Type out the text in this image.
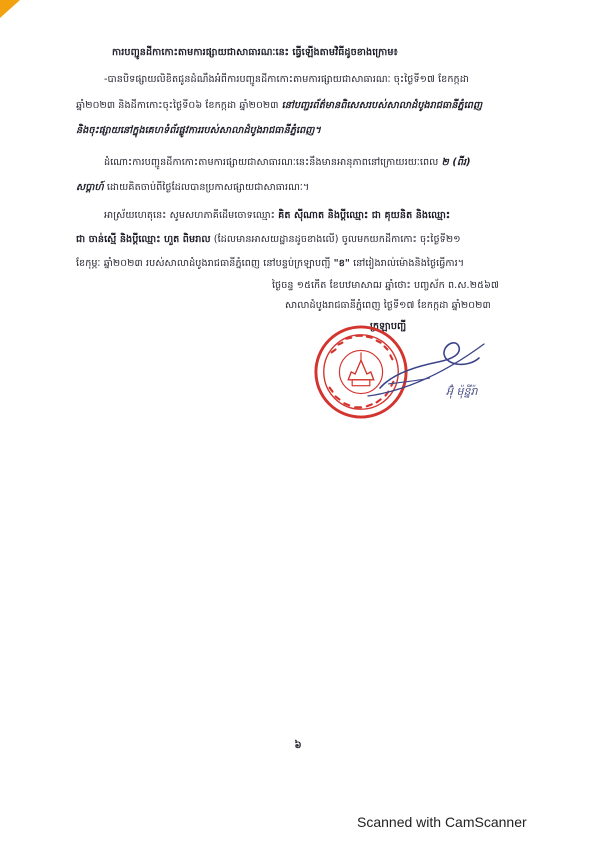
ការបញ្ជូនដីកាកោះតាមការផ្សាយជាសាធារណៈនេះ ធ្វើឡើងតាមវិធីដូចខាងក្រោម៖
-បានបិទផ្សាយលិខិតជូនដំណឹងអំពីការបញ្ជូនដីកាកោះតាមការផ្សាយជាសាធារណៈ ចុះថ្ងៃទី១៧ ខែកក្កដា
ឆ្នាំ២០២៣ និងដីកាកោះចុះថ្ងៃទី០៦ ខែកក្កដា ឆ្នាំ២០២៣ នៅបញ្ជរព័ត៌មានពិសេសរបស់សាលាដំបូងរាជធានីភ្នំពេញ
និងចុះផ្សាយនៅក្នុងគេហទំព័រផ្លូវការរបស់សាលាដំបូងរាជធានីភ្នំពេញ។
ដំណោះការបញ្ជូនដីកាកោះតាមការផ្សាយជាសាធារណៈនេះនឹងមានអានុភាពនៅក្រោយរយៈពេល ២ (ពីរ)
សប្តាហ៍ ដោយគិតចាប់ពីថ្ងៃដែលបានប្រកាសផ្សាយជាសាធារណៈ។
អាស្រ័យហេតុនេះ សូមសហភាគីដើមចោទឈ្មោះ គិត ស៊ីណាត និងប្តីឈ្មោះ ជា គុយនិត និងឈ្មោះ
ជា ចាន់ស្មើ និងប្តីឈ្មោះ ហួត ពិមរាល (ដែលមានអាសយដ្ឋានដូចខាងលើ) ចូលមកយកដីកាកោះ ចុះថ្ងៃទី២១
ខែកុម្ភៈ ឆ្នាំ២០២៣ របស់សាលាដំបូងរាជធានីភ្នំពេញ នៅបន្ទប់ក្រឡាបញ្ជី "ខ" នៅរៀងរាល់ម៉ោងនិងថ្ងៃធ្វើការ។
ថ្ងៃចន្ទ ១៥កើត ខែបឋមាសាឍ ឆ្នាំថោះ បញ្ចស័ក ព.ស.២៥៦៧
សាលាដំបូងរាជធានីភ្នំពេញ ថ្ងៃទី១៧ ខែកក្កដា ឆ្នាំ២០២៣
ក្រឡាបញ្ជី
អ៊ុំ ម៉ុន្នីរ៉ា
៦
Scanned with CamScanner
